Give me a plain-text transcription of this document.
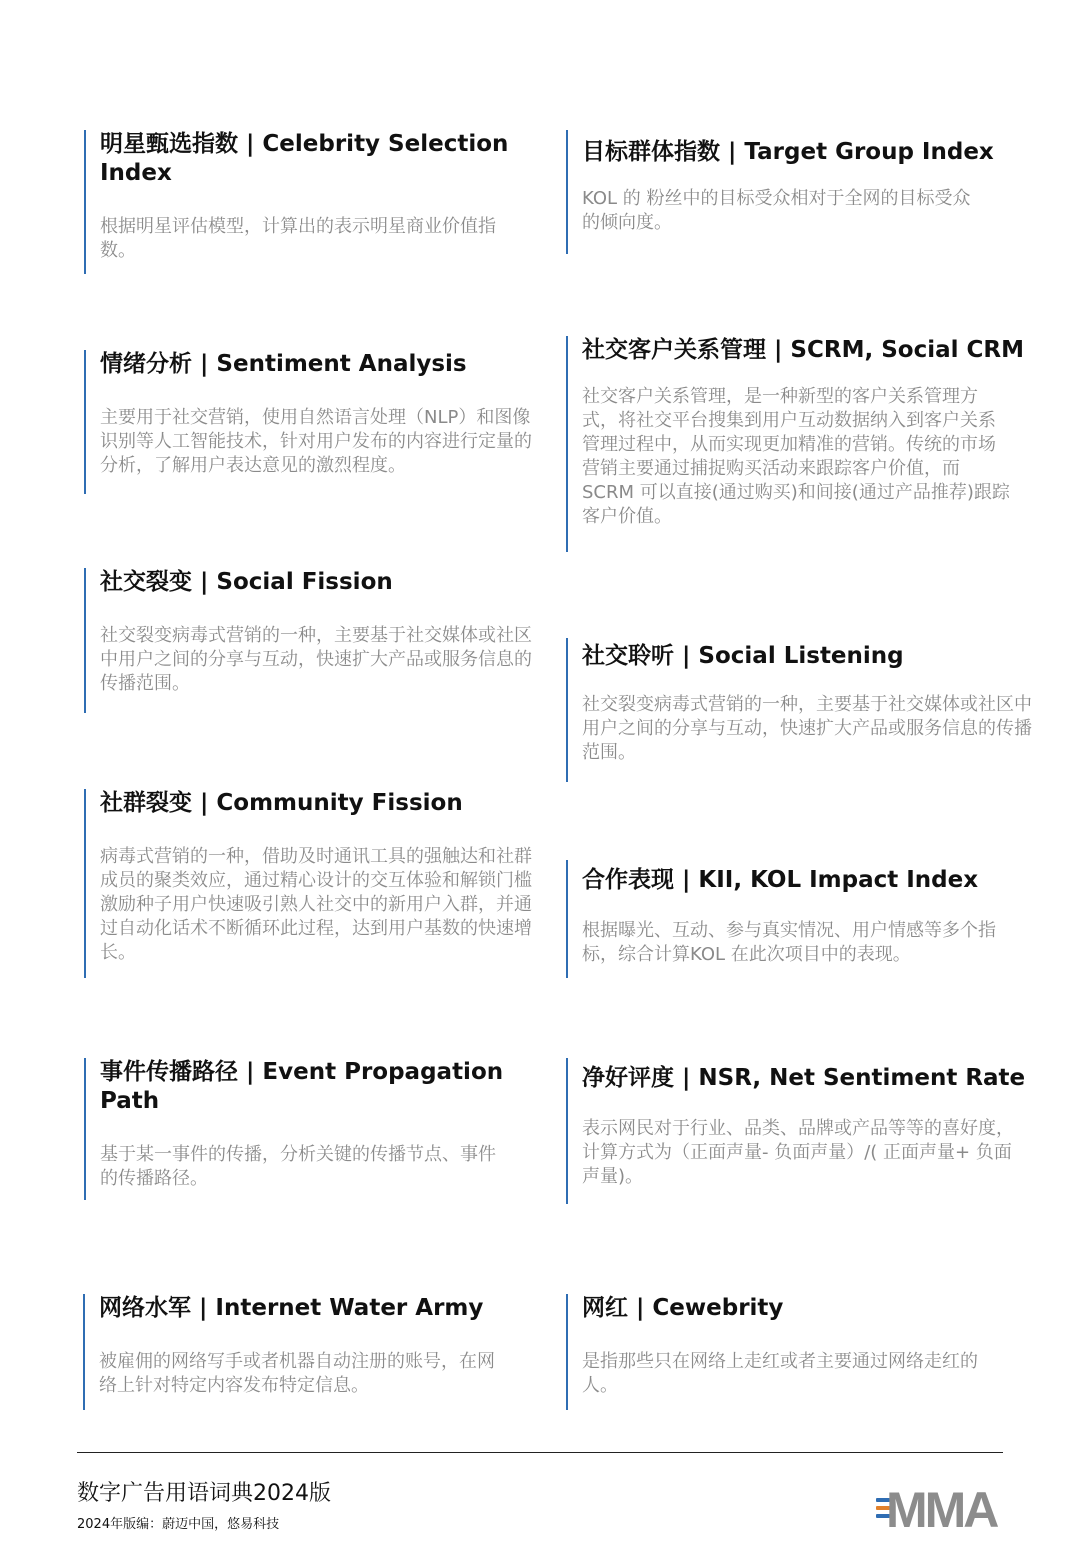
明星甄选指数 | Celebrity Selection Index
根据明星评估模型，计算出的表示明星商业价值指数。
情绪分析 | Sentiment Analysis
主要用于社交营销，使用自然语言处理（NLP）和图像识别等人工智能技术，针对用户发布的内容进行定量的分析，了解用户表达意见的激烈程度。
社交裂变 | Social Fission
社交裂变病毒式营销的一种，主要基于社交媒体或社区中用户之间的分享与互动，快速扩大产品或服务信息的传播范围。
社群裂变 | Community Fission
病毒式营销的一种，借助及时通讯工具的强触达和社群成员的聚类效应，通过精心设计的交互体验和解锁门槛激励种子用户快速吸引熟人社交中的新用户入群，并通过自动化话术不断循环此过程，达到用户基数的快速增长。
事件传播路径 | Event Propagation Path
基于某一事件的传播，分析关键的传播节点、事件的传播路径。
网络水军 | Internet Water Army
被雇佣的网络写手或者机器自动注册的账号，在网络上针对特定内容发布特定信息。
目标群体指数 | Target Group Index
KOL 的 粉丝中的目标受众相对于全网的目标受众的倾向度。
社交客户关系管理 | SCRM, Social CRM
社交客户关系管理，是一种新型的客户关系管理方式，将社交平台搜集到用户互动数据纳入到客户关系管理过程中，从而实现更加精准的营销。传统的市场营销主要通过捕捉购买活动来跟踪客户价值，而 SCRM 可以直接(通过购买)和间接(通过产品推荐)跟踪客户价值。
社交聆听 | Social Listening
社交裂变病毒式营销的一种，主要基于社交媒体或社区中用户之间的分享与互动，快速扩大产品或服务信息的传播范围。
合作表现 | KII, KOL Impact Index
根据曝光、互动、参与真实情况、用户情感等多个指标，综合计算KOL 在此次项目中的表现。
净好评度 | NSR, Net Sentiment Rate
表示网民对于行业、品类、品牌或产品等等的喜好度，计算方式为（正面声量- 负面声量）/( 正面声量+ 负面声量)。
网红 | Cewebrity
是指那些只在网络上走红或者主要通过网络走红的人。
数字广告用语词典2024版
2024年版编：蔚迈中国，悠易科技	MMA
